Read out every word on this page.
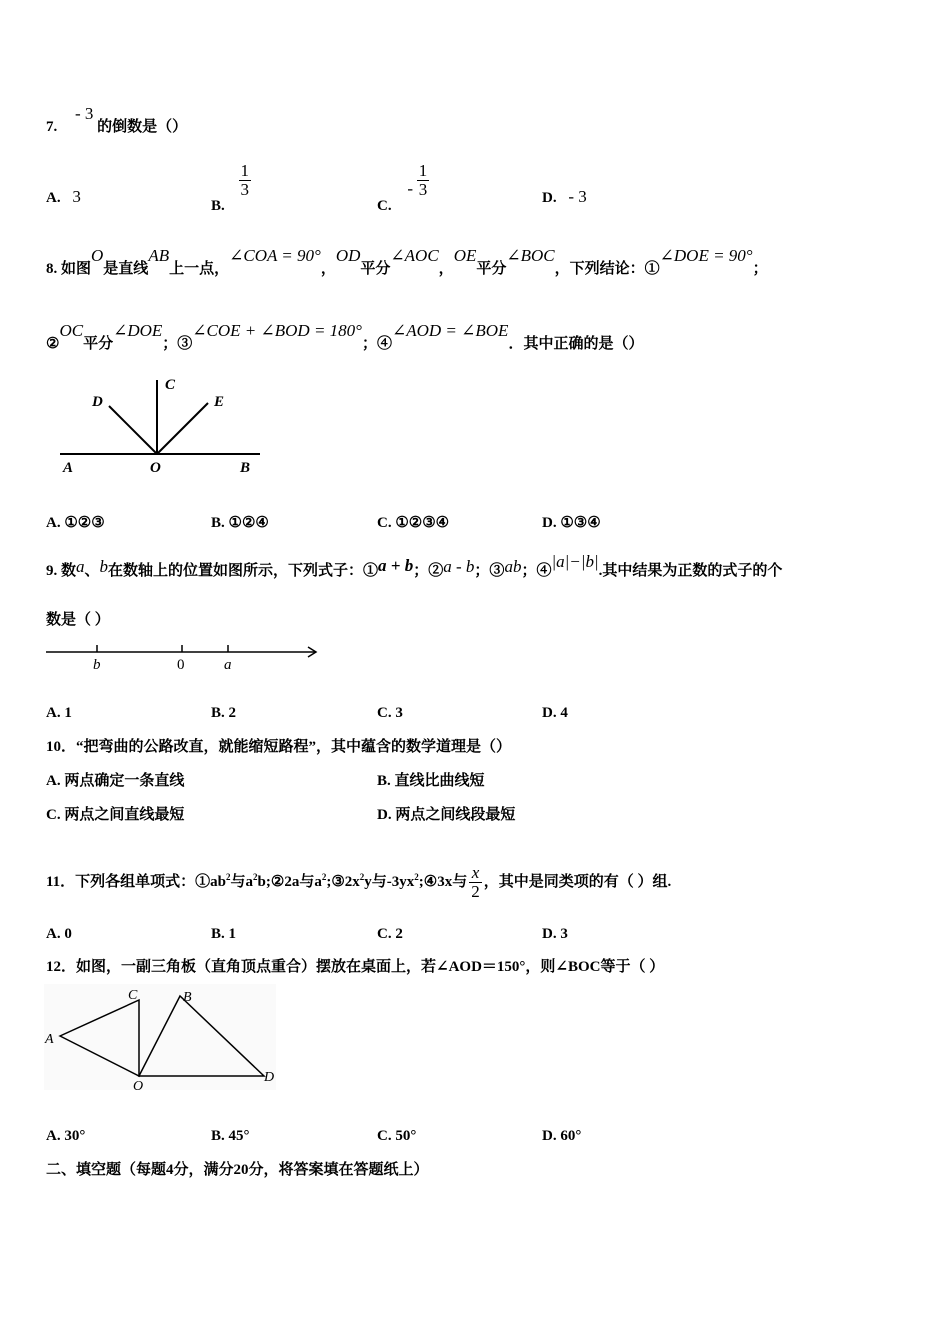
7. - 3 的倒数是（）
A. 3	B.
$\frac{1}{3}$
C. - $\frac{1}{3}$	D. - 3
8. 如图O是直线AB上一点，∠COA = 90°，OD平分∠AOC，OE平分∠BOC，下列结论：①∠DOE = 90°；
②OC平分∠DOE；③∠COE + ∠BOD = 180°；④∠AOD = ∠BOE．其中正确的是（）
A	O	B
C
D	E
A. ①②③	B. ①②④	C. ①②③④	D. ①③④
9. 数a、b在数轴上的位置如图所示，下列式子：①a + b；②a - b；③ab；④|a|−|b|.其中结果为正数的式子的个
数是（ ）
b	0	a
A. 1	B. 2	C. 3	D. 4
10．“把弯曲的公路改直，就能缩短路程”，其中蕴含的数学道理是（）
A. 两点确定一条直线	B. 直线比曲线短
C. 两点之间直线最短	D. 两点之间线段最短
11．下列各组单项式：$①ab^2$与$a^2b;②2a$与$a^2;③2x^2y$与$-3yx^2;④3x$与 $\frac{x}{2}$ ，其中是同类项的有（ ）组.
A. 0	B. 1	C. 2	D. 3
12．如图，一副三角板（直角顶点重合）摆放在桌面上，若∠AOD＝150°，则∠BOC等于（ ）
A
B
C
D
O
A. 30°	B. 45°	C. 50°	D. 60°
二、填空题（每题4分，满分20分，将答案填在答题纸上）
